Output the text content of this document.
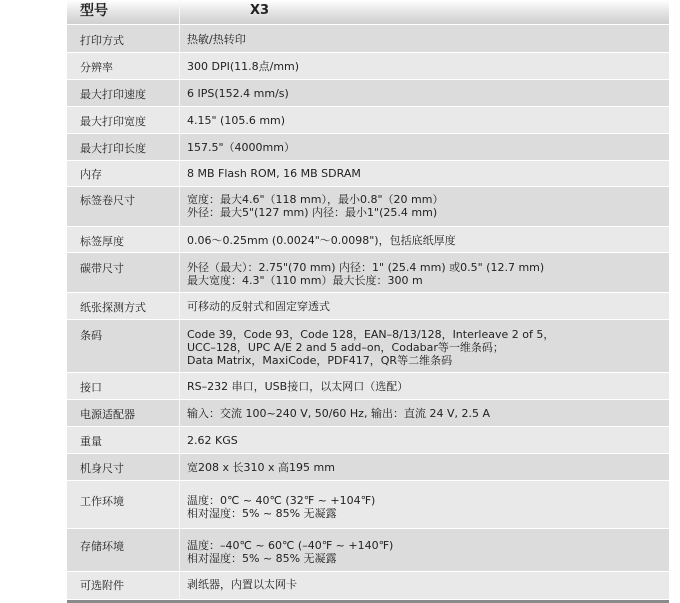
型号	X3
打印方式	热敏/热转印
分辨率	300 DPI(11.8点/mm)
最大打印速度	6 IPS(152.4 mm/s)
最大打印宽度	4.15" (105.6 mm)
最大打印长度	157.5"（4000mm）
内存	8 MB Flash ROM, 16 MB SDRAM
标签卷尺寸	宽度：最大4.6"（118 mm），最小0.8"（20 mm）
外径：最大5"(127 mm) 内径：最小1"(25.4 mm)
标签厚度	0.06～0.25mm (0.0024"～0.0098")，包括底纸厚度
碳带尺寸	外径（最大）：2.75"(70 mm) 内径：1" (25.4 mm) 或0.5" (12.7 mm)
最大宽度：4.3"（110 mm）最大长度：300 m
纸张探测方式	可移动的反射式和固定穿透式
条码	Code 39，Code 93，Code 128，EAN–8/13/128，Interleave 2 of 5，
UCC–128，UPC A/E 2 and 5 add–on，Codabar等一维条码；
Data Matrix，MaxiCode，PDF417，QR等二维条码
接口	RS–232 串口，USB接口，以太网口（选配）
电源适配器	输入：交流 100~240 V, 50/60 Hz, 输出：直流 24 V, 2.5 A
重量	2.62 KGS
机身尺寸	宽208 x 长310 x 高195 mm
工作环境	温度：0℃ ~ 40℃ (32℉ ~ +104℉)
相对湿度：5% ~ 85% 无凝露
存储环境	温度：–40℃ ~ 60℃ (–40℉ ~ +140℉)
相对湿度：5% ~ 85% 无凝露
可选附件	剥纸器，内置以太网卡
